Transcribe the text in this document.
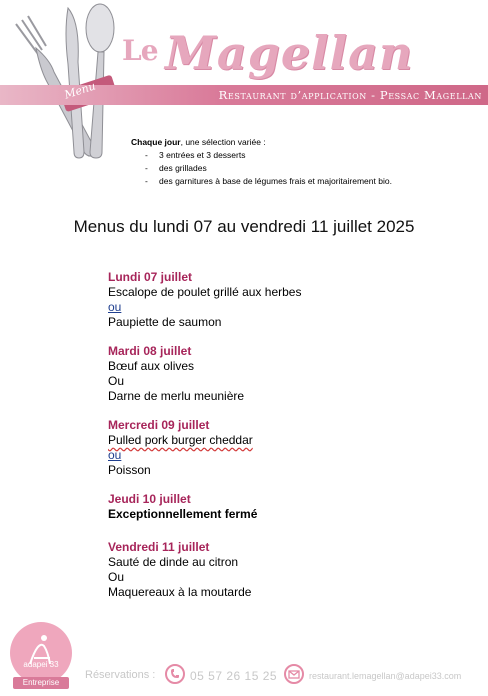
Le Magellan
Menu	Restaurant d’application - Pessac Magellan
Chaque jour, une sélection variée :
- 3 entrées et 3 desserts
- des grillades
- des garnitures à base de légumes frais et majoritairement bio.
Menus du lundi 07 au vendredi 11 juillet 2025
Lundi 07 juillet
Escalope de poulet grillé aux herbes
ou
Paupiette de saumon
Mardi 08 juillet
Bœuf aux olives
Ou
Darne de merlu meunière
Mercredi 09 juillet
Pulled pork burger cheddar
ou
Poisson
Jeudi 10 juillet
Exceptionnellement fermé
Vendredi 11 juillet
Sauté de dinde au citron
Ou
Maquereaux à la moutarde
adapei 33
Entreprise
Réservations :	05 57 26 15 25	restaurant.lemagellan@adapei33.com
